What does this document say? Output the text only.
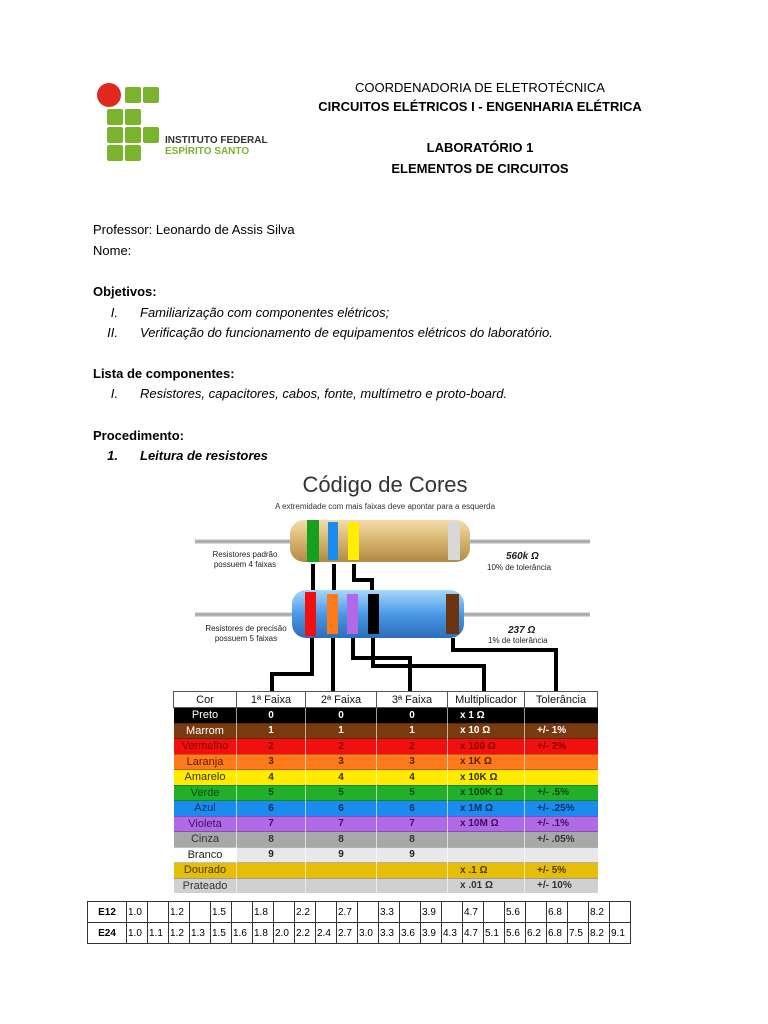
INSTITUTO FEDERAL
ESPÍRITO SANTO
COORDENADORIA DE ELETROTÉCNICA
CIRCUITOS ELÉTRICOS I - ENGENHARIA ELÉTRICA
LABORATÓRIO 1
ELEMENTOS DE CIRCUITOS
Professor: Leonardo de Assis Silva
Nome:
Objetivos:
I. Familiarização com componentes elétricos;
II. Verificação do funcionamento de equipamentos elétricos do laboratório.
Lista de componentes:
I. Resistores, capacitores, cabos, fonte, multímetro e proto-board.
Procedimento:
1. Leitura de resistores
Código de Cores
A extremidade com mais faixas deve apontar para a esquerda
Resistores padrão
possuem 4 faixas
560k Ω
10% de tolerância
Resistores de precisão
possuem 5 faixas
237 Ω
1% de tolerância
Cor	1ª Faixa	2ª Faixa	3ª Faixa	Multiplicador	Tolerância
Preto	0	0	0	x 1 Ω	
Marrom	1	1	1	x 10 Ω	+/- 1%
Vermelho	2	2	2	x 100 Ω	+/- 2%
Laranja	3	3	3	x 1K Ω	
Amarelo	4	4	4	x 10K Ω	
Verde	5	5	5	x 100K Ω	+/- .5%
Azul	6	6	6	x 1M Ω	+/- .25%
Violeta	7	7	7	x 10M Ω	+/- .1%
Cinza	8	8	8		+/- .05%
Branco	9	9	9		
Dourado				x .1 Ω	+/- 5%
Prateado				x .01 Ω	+/- 10%
E12	1.0		1.2		1.5		1.8		2.2		2.7		3.3		3.9		4.7		5.6		6.8		8.2	
E24	1.0	1.1	1.2	1.3	1.5	1.6	1.8	2.0	2.2	2.4	2.7	3.0	3.3	3.6	3.9	4.3	4.7	5.1	5.6	6.2	6.8	7.5	8.2	9.1
